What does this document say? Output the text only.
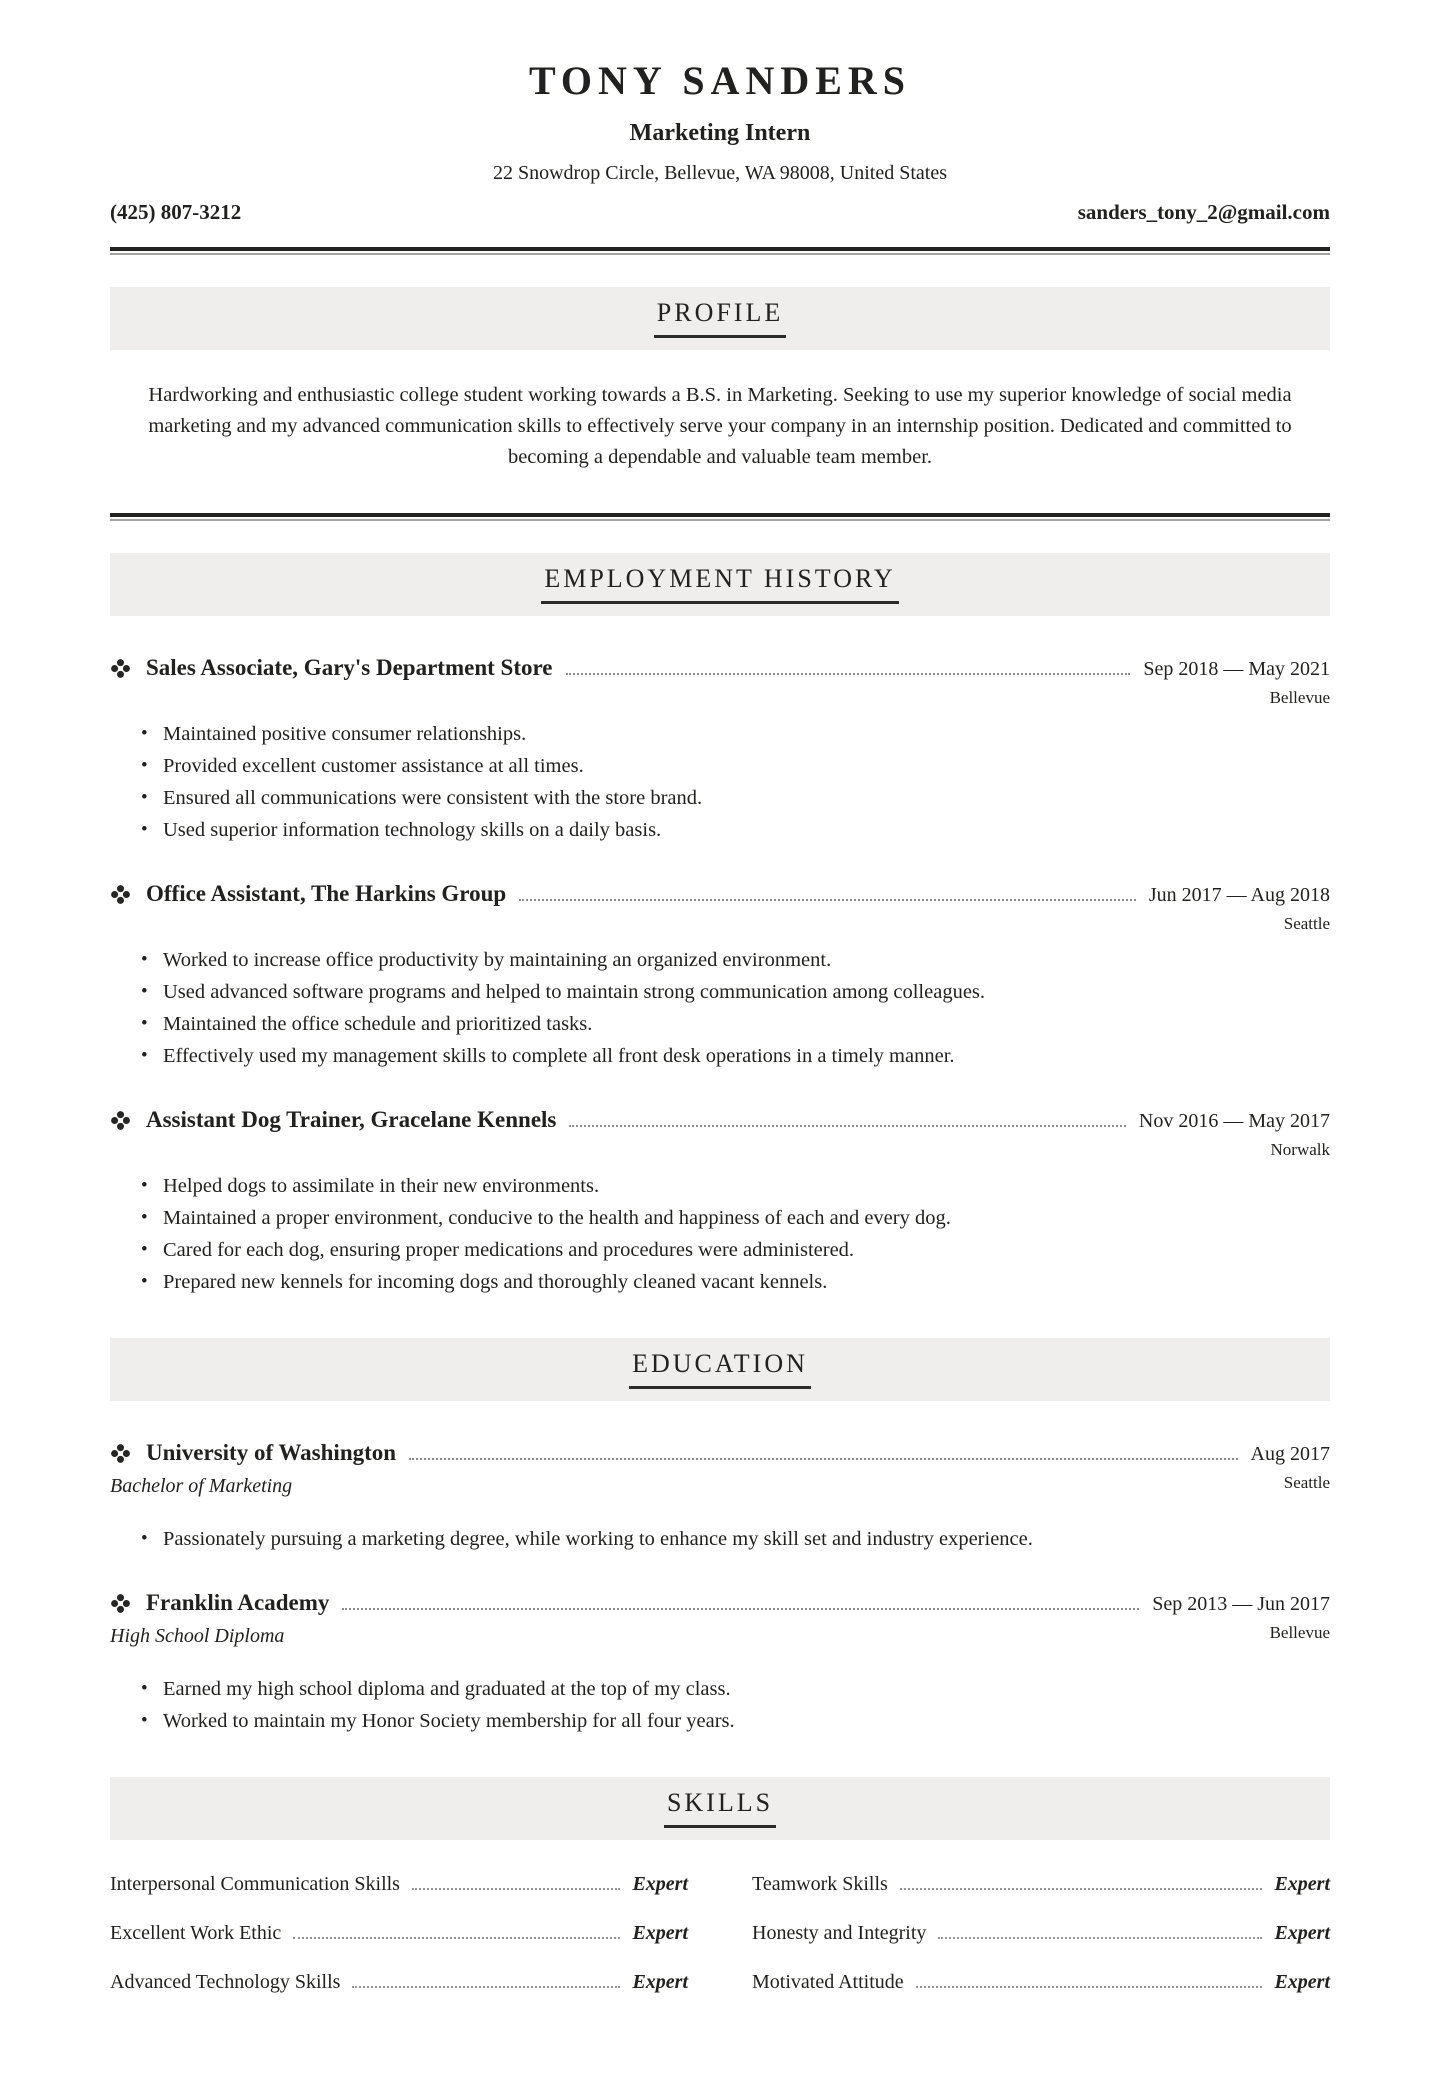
TONY SANDERS
Marketing Intern
22 Snowdrop Circle, Bellevue, WA 98008, United States
(425) 807-3212	sanders_tony_2@gmail.com
PROFILE

Hardworking and enthusiastic college student working towards a B.S. in Marketing. Seeking to use my superior knowledge of social media marketing and my advanced communication skills to effectively serve your company in an internship position. Dedicated and committed to becoming a dependable and valuable team member.

EMPLOYMENT HISTORY
Sales Associate, Gary's Department Store	Sep 2018 — May 2021
Bellevue
• Maintained positive consumer relationships.
• Provided excellent customer assistance at all times.
• Ensured all communications were consistent with the store brand.
• Used superior information technology skills on a daily basis.
Office Assistant, The Harkins Group	Jun 2017 — Aug 2018
Seattle
• Worked to increase office productivity by maintaining an organized environment.
• Used advanced software programs and helped to maintain strong communication among colleagues.
• Maintained the office schedule and prioritized tasks.
• Effectively used my management skills to complete all front desk operations in a timely manner.
Assistant Dog Trainer, Gracelane Kennels	Nov 2016 — May 2017
Norwalk
• Helped dogs to assimilate in their new environments.
• Maintained a proper environment, conducive to the health and happiness of each and every dog.
• Cared for each dog, ensuring proper medications and procedures were administered.
• Prepared new kennels for incoming dogs and thoroughly cleaned vacant kennels.
EDUCATION
University of Washington	Aug 2017
Bachelor of Marketing	Seattle
• Passionately pursuing a marketing degree, while working to enhance my skill set and industry experience.
Franklin Academy	Sep 2013 — Jun 2017
High School Diploma	Bellevue
• Earned my high school diploma and graduated at the top of my class.
• Worked to maintain my Honor Society membership for all four years.
SKILLS
Interpersonal Communication Skills	Expert
Excellent Work Ethic	Expert
Advanced Technology Skills	Expert
Teamwork Skills	Expert
Honesty and Integrity	Expert
Motivated Attitude	Expert
